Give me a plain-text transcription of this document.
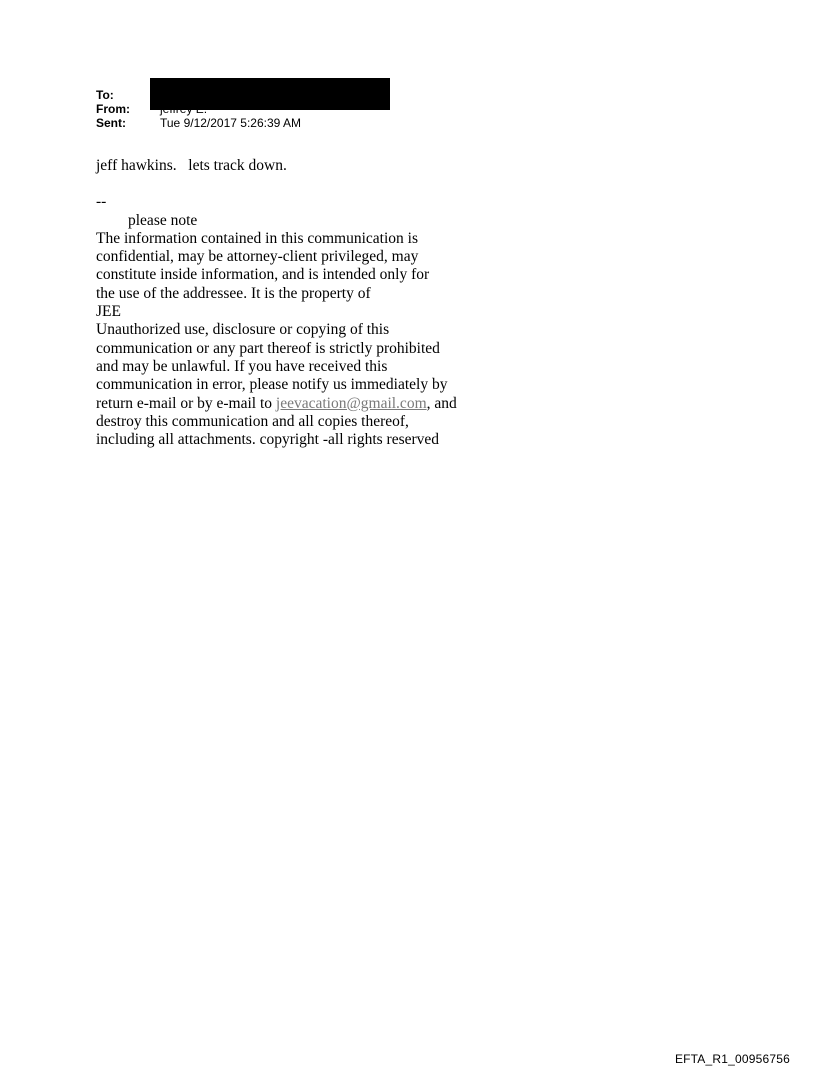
To:
From:	jeffrey E.
Sent:	Tue 9/12/2017 5:26:39 AM

jeff hawkins.   lets track down.

--

please note

The information contained in this communication is

confidential, may be attorney-client privileged, may

constitute inside information, and is intended only for

the use of the addressee. It is the property of

JEE

Unauthorized use, disclosure or copying of this

communication or any part thereof is strictly prohibited

and may be unlawful. If you have received this

communication in error, please notify us immediately by

return e-mail or by e-mail to jeevacation@gmail.com, and

destroy this communication and all copies thereof,

including all attachments. copyright -all rights reserved

EFTA_R1_00956756
